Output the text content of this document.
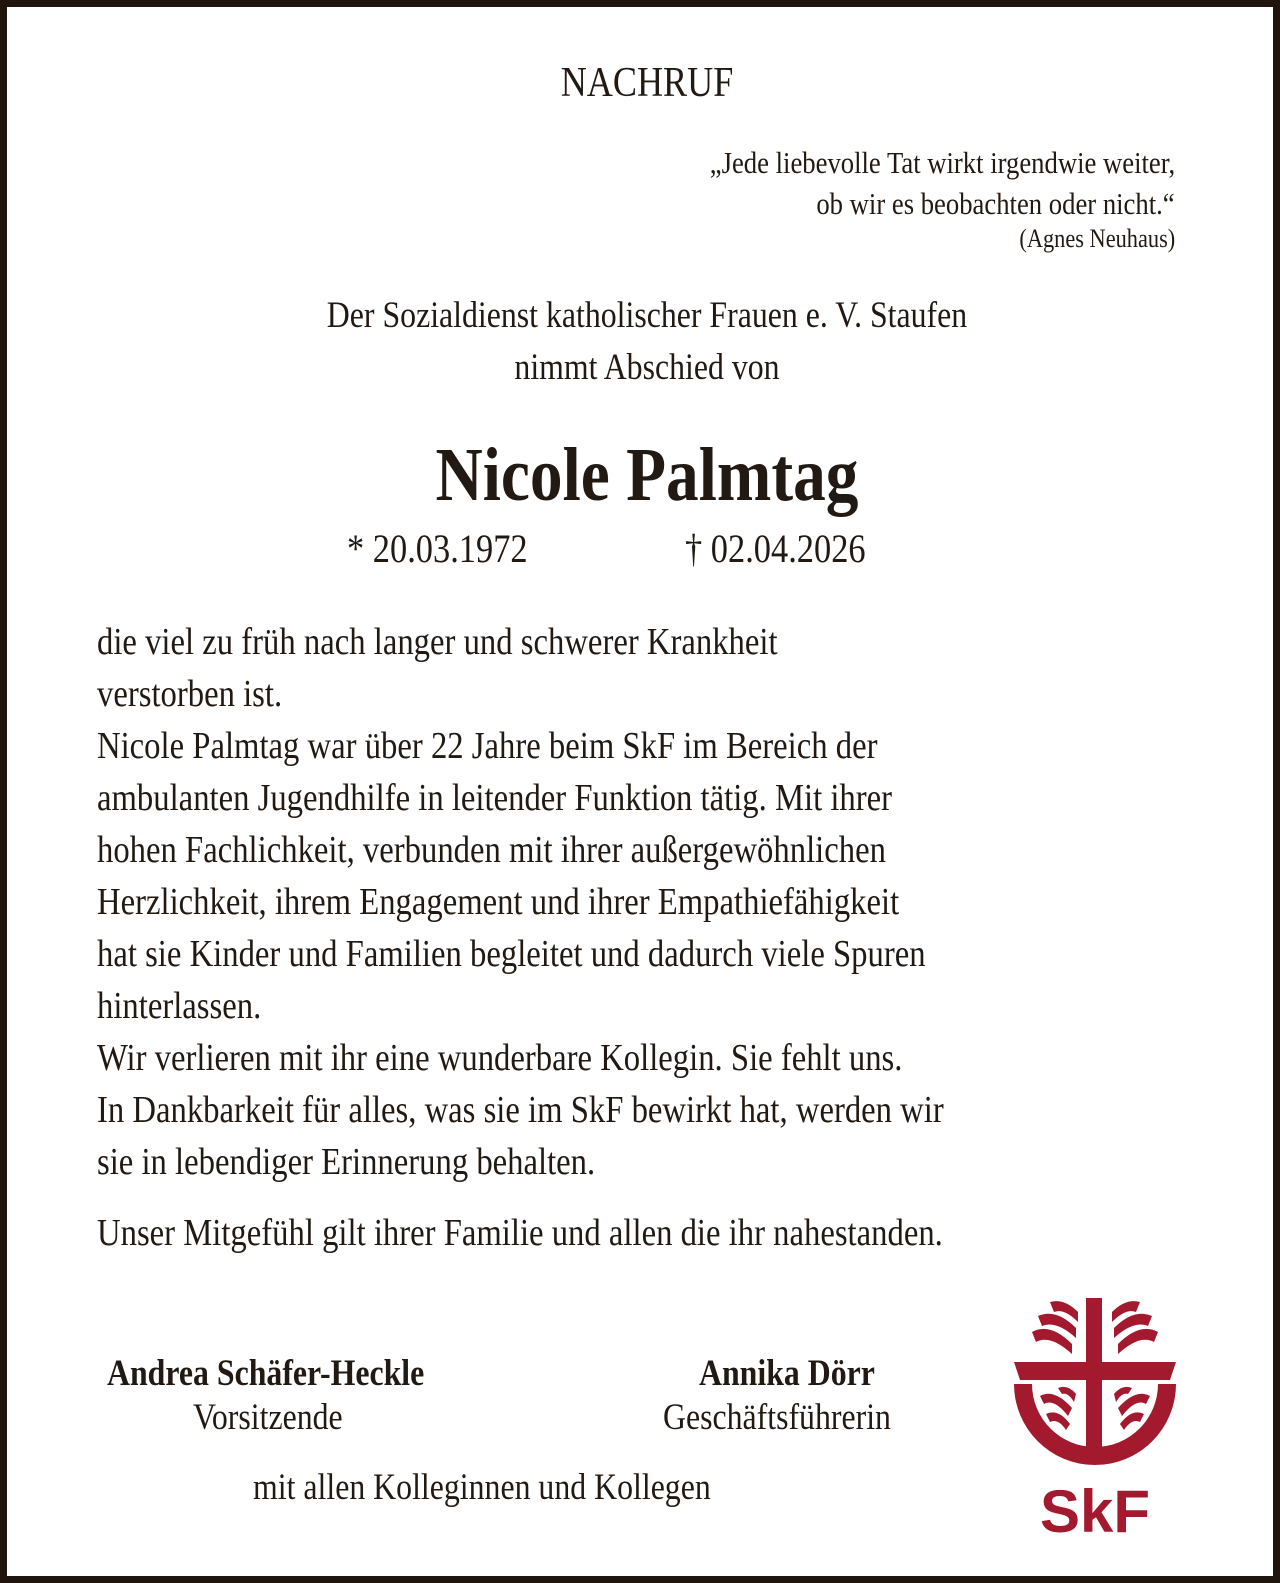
NACHRUF
„Jede liebevolle Tat wirkt irgendwie weiter,
ob wir es beobachten oder nicht.“
(Agnes Neuhaus)
Der Sozialdienst katholischer Frauen e. V. Staufen
nimmt Abschied von
Nicole Palmtag
* 20.03.1972	† 02.04.2026
die viel zu früh nach langer und schwerer Krankheit
verstorben ist.
Nicole Palmtag war über 22 Jahre beim SkF im Bereich der
ambulanten Jugendhilfe in leitender Funktion tätig. Mit ihrer
hohen Fachlichkeit, verbunden mit ihrer außergewöhnlichen
Herzlichkeit, ihrem Engagement und ihrer Empathiefähigkeit
hat sie Kinder und Familien begleitet und dadurch viele Spuren
hinterlassen.
Wir verlieren mit ihr eine wunderbare Kollegin. Sie fehlt uns.
In Dankbarkeit für alles, was sie im SkF bewirkt hat, werden wir
sie in lebendiger Erinnerung behalten.
Unser Mitgefühl gilt ihrer Familie und allen die ihr nahestanden.
Andrea Schäfer-Heckle
Vorsitzende
Annika Dörr
Geschäftsführerin
mit allen Kolleginnen und Kollegen	SkF
